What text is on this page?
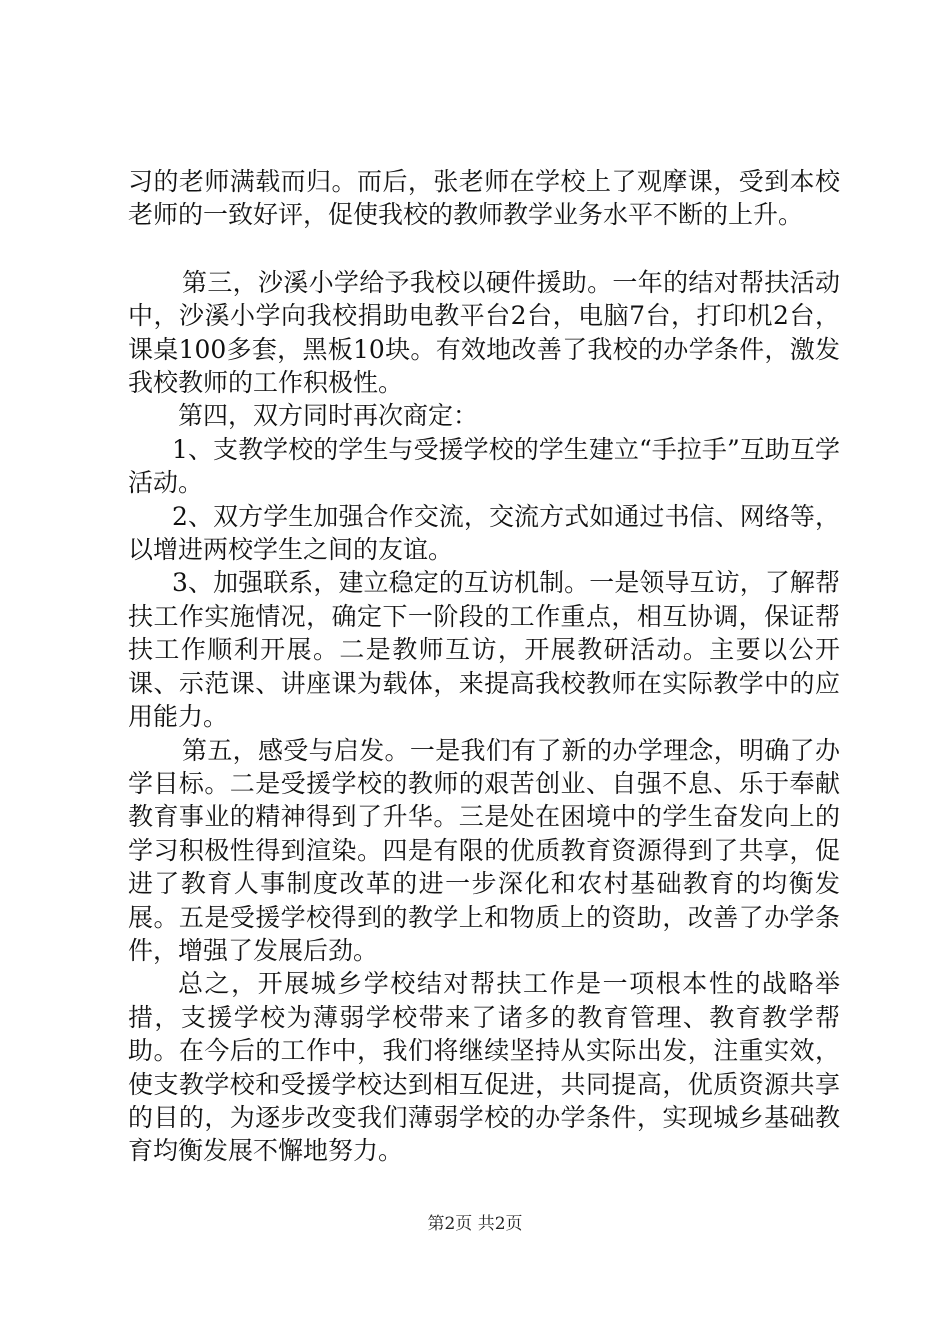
习的老师满载而归。而后，张老师在学校上了观摩课，受到本校老师的一致好评，促使我校的教师教学业务水平不断的上升。

第三，沙溪小学给予我校以硬件援助。一年的结对帮扶活动中，沙溪小学向我校捐助电教平台2台，电脑7台，打印机2台，课桌100多套，黑板10块。有效地改善了我校的办学条件，激发我校教师的工作积极性。

第四，双方同时再次商定：

1、支教学校的学生与受援学校的学生建立“手拉手”互助互学活动。

2、双方学生加强合作交流，交流方式如通过书信、网络等，以增进两校学生之间的友谊。

3、加强联系，建立稳定的互访机制。一是领导互访，了解帮扶工作实施情况，确定下一阶段的工作重点，相互协调，保证帮扶工作顺利开展。二是教师互访，开展教研活动。主要以公开课、示范课、讲座课为载体，来提高我校教师在实际教学中的应用能力。

第五，感受与启发。一是我们有了新的办学理念，明确了办学目标。二是受援学校的教师的艰苦创业、自强不息、乐于奉献教育事业的精神得到了升华。三是处在困境中的学生奋发向上的学习积极性得到渲染。四是有限的优质教育资源得到了共享，促进了教育人事制度改革的进一步深化和农村基础教育的均衡发展。五是受援学校得到的教学上和物质上的资助，改善了办学条件，增强了发展后劲。

总之，开展城乡学校结对帮扶工作是一项根本性的战略举措，支援学校为薄弱学校带来了诸多的教育管理、教育教学帮助。在今后的工作中，我们将继续坚持从实际出发，注重实效，使支教学校和受援学校达到相互促进，共同提高，优质资源共享的目的，为逐步改变我们薄弱学校的办学条件，实现城乡基础教育均衡发展不懈地努力。

第2页 共2页
